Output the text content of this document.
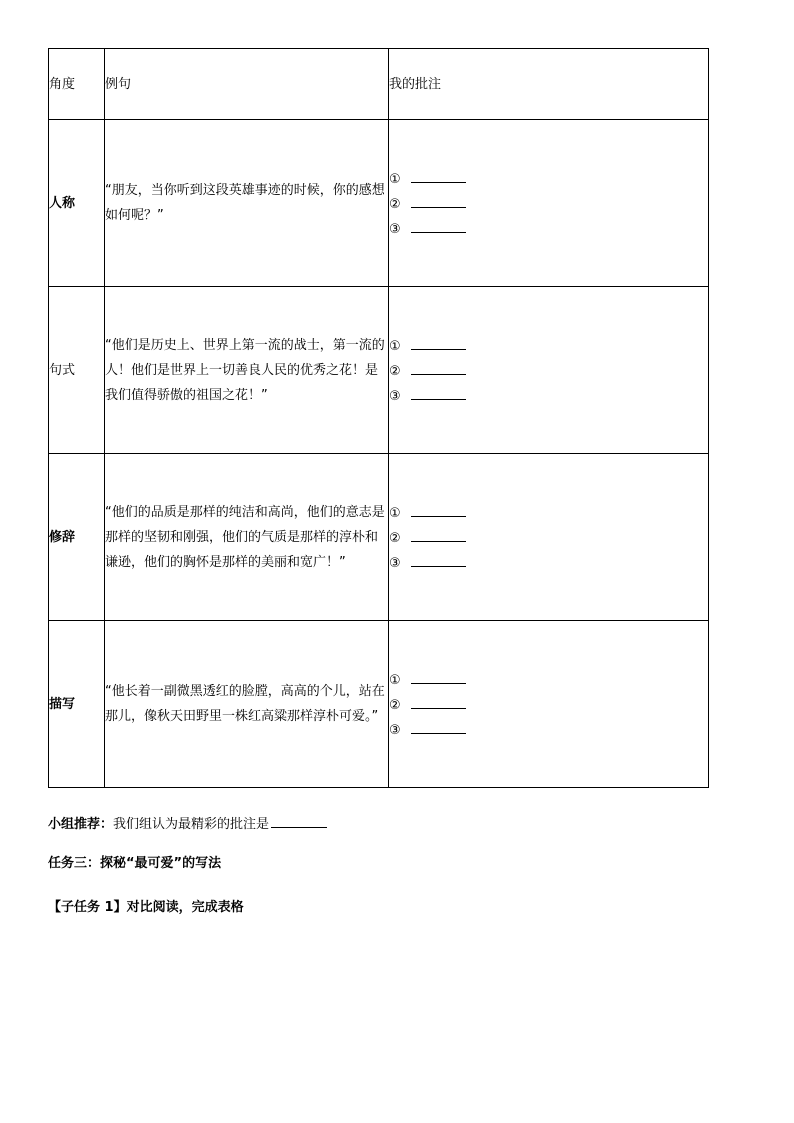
角度	例句	我的批注
人称	“朋友，当你听到这段英雄事迹的时候，你的感想如何呢？”	①
②
③

句式	“他们是历史上、世界上第一流的战士，第一流的人！他们是世界上一切善良人民的优秀之花！是我们值得骄傲的祖国之花！”	①
②
③

修辞	“他们的品质是那样的纯洁和高尚，他们的意志是那样的坚韧和刚强，他们的气质是那样的淳朴和谦逊，他们的胸怀是那样的美丽和宽广！”	①
②
③

描写	“他长着一副微黑透红的脸膛，高高的个儿，站在那儿，像秋天田野里一株红高粱那样淳朴可爱。”	①
②
③
小组推荐：我们组认为最精彩的批注是
任务三：探秘“最可爱”的写法
【子任务 1】对比阅读，完成表格
